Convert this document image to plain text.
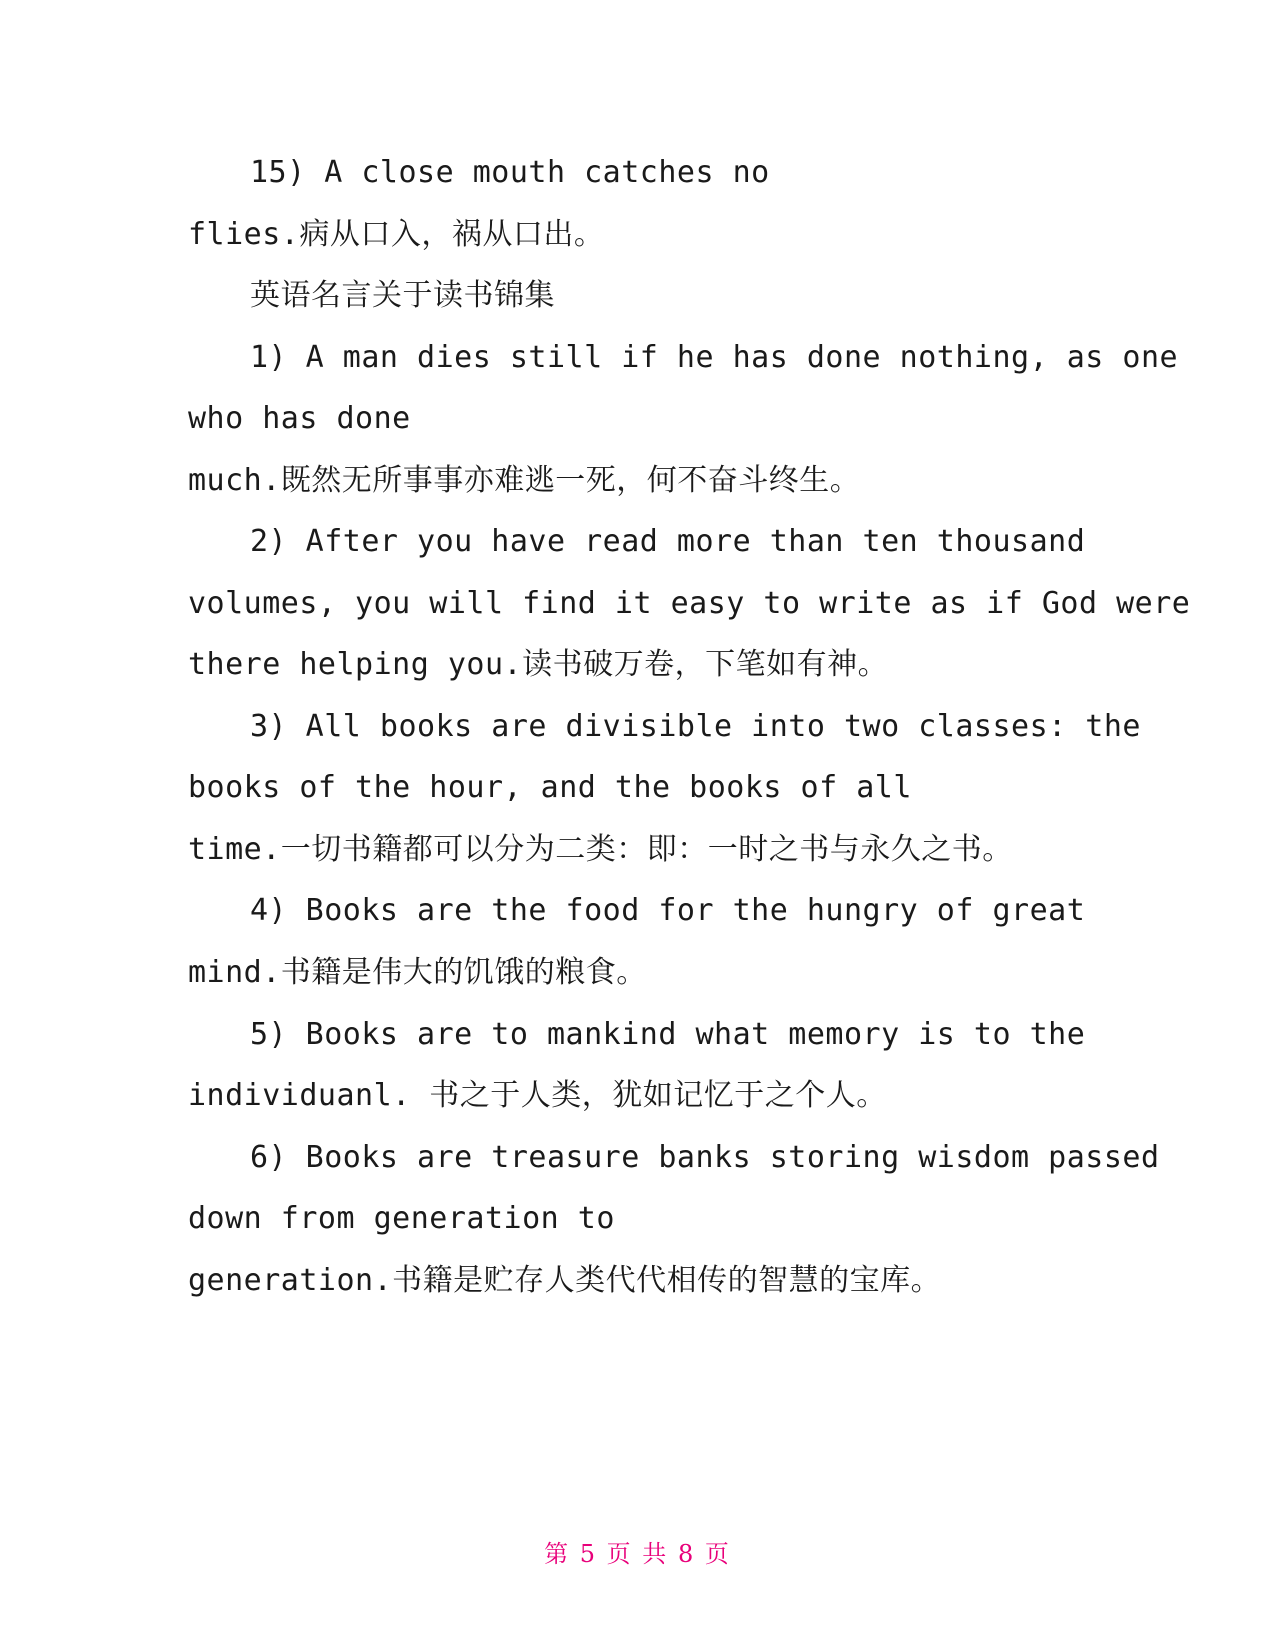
15) A close mouth catches no
flies.病从口入，祸从口出。
英语名言关于读书锦集
1) A man dies still if he has done nothing, as one
who has done
much.既然无所事事亦难逃一死，何不奋斗终生。
2) After you have read more than ten thousand
volumes, you will find it easy to write as if God were
there helping you.读书破万卷，下笔如有神。
3) All books are divisible into two classes: the
books of the hour, and the books of all
time.一切书籍都可以分为二类：即：一时之书与永久之书。
4) Books are the food for the hungry of great
mind.书籍是伟大的饥饿的粮食。
5) Books are to mankind what memory is to the
individuanl. 书之于人类，犹如记忆于之个人。
6) Books are treasure banks storing wisdom passed
down from generation to
generation.书籍是贮存人类代代相传的智慧的宝库。
第 5 页 共 8 页
